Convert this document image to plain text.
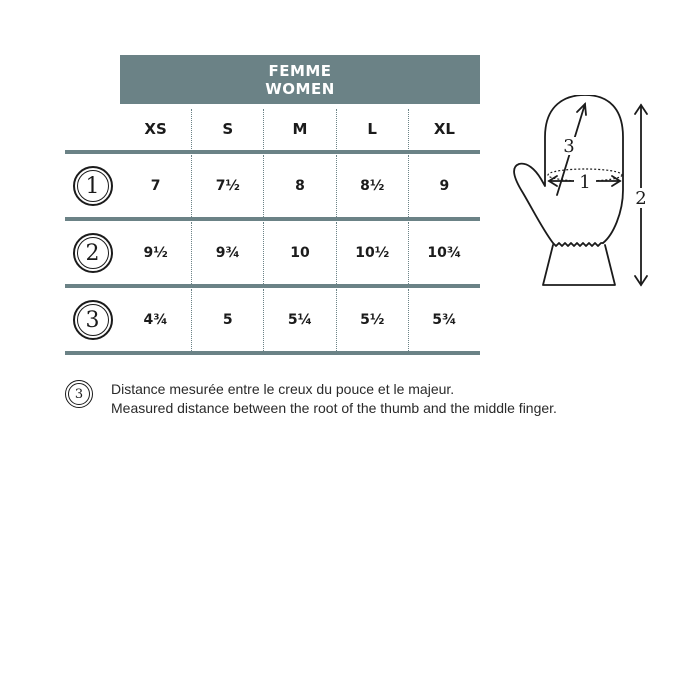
FEMME
WOMEN
XS	S	M	L	XL
1	7	7½	8	8½	9
2	9½	9¾	10	10½	10¾
3	4¾	5	5¼	5½	5¾
3	Distance mesurée entre le creux du pouce et le majeur.
Measured distance between the root of the thumb and the middle finger.
1
3
2
